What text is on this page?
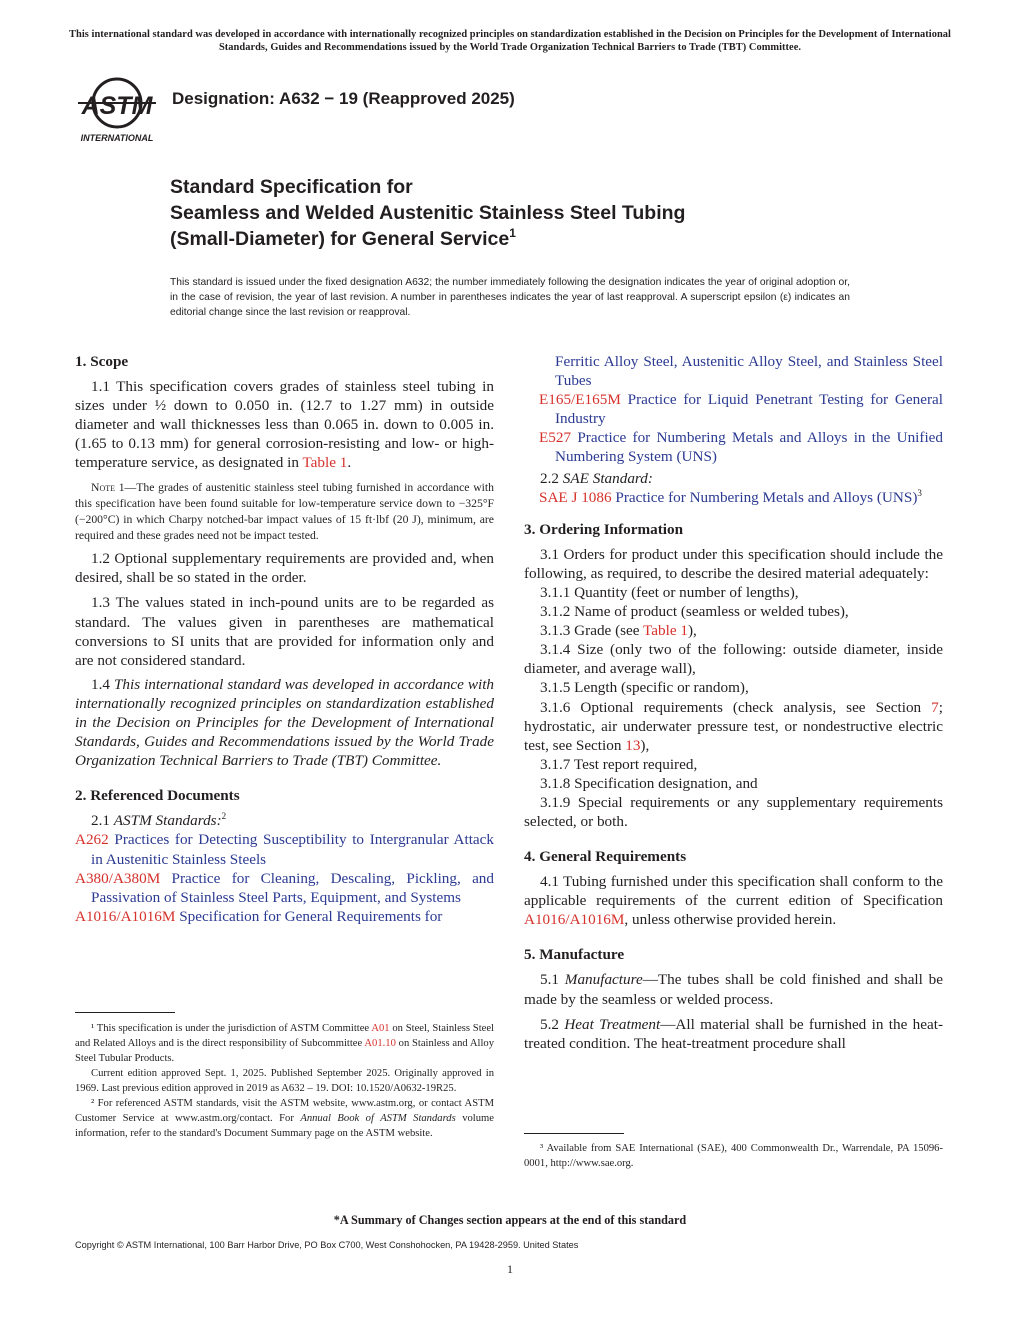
This international standard was developed in accordance with internationally recognized principles on standardization established in the Decision on Principles for the Development of International Standards, Guides and Recommendations issued by the World Trade Organization Technical Barriers to Trade (TBT) Committee.
ASTM
INTERNATIONAL
Designation: A632 − 19 (Reapproved 2025)
Standard Specification for
Seamless and Welded Austenitic Stainless Steel Tubing
(Small-Diameter) for General Service$^1$
This standard is issued under the fixed designation A632; the number immediately following the designation indicates the year of original adoption or, in the case of revision, the year of last revision. A number in parentheses indicates the year of last reapproval. A superscript epsilon (ε) indicates an editorial change since the last revision or reapproval.
1. Scope

1.1 This specification covers grades of stainless steel tubing in sizes under ½ down to 0.050 in. (12.7 to 1.27 mm) in outside diameter and wall thicknesses less than 0.065 in. down to 0.005 in. (1.65 to 0.13 mm) for general corrosion-resisting and low- or high-temperature service, as designated in Table 1.

Note 1—The grades of austenitic stainless steel tubing furnished in accordance with this specification have been found suitable for low-temperature service down to −325°F (−200°C) in which Charpy notched-bar impact values of 15 ft·lbf (20 J), minimum, are required and these grades need not be impact tested.

1.2 Optional supplementary requirements are provided and, when desired, shall be so stated in the order.

1.3 The values stated in inch-pound units are to be regarded as standard. The values given in parentheses are mathematical conversions to SI units that are provided for information only and are not considered standard.

1.4 This international standard was developed in accordance with internationally recognized principles on standardization established in the Decision on Principles for the Development of International Standards, Guides and Recommendations issued by the World Trade Organization Technical Barriers to Trade (TBT) Committee.

2. Referenced Documents

2.1 ASTM Standards:$^2$

A262 Practices for Detecting Susceptibility to Intergranular Attack in Austenitic Stainless Steels

A380/A380M Practice for Cleaning, Descaling, Pickling, and Passivation of Stainless Steel Parts, Equipment, and Systems

A1016/A1016M Specification for General Requirements for

¹ This specification is under the jurisdiction of ASTM Committee A01 on Steel, Stainless Steel and Related Alloys and is the direct responsibility of Subcommittee A01.10 on Stainless and Alloy Steel Tubular Products.

Current edition approved Sept. 1, 2025. Published September 2025. Originally approved in 1969. Last previous edition approved in 2019 as A632 – 19. DOI: 10.1520/A0632-19R25.

² For referenced ASTM standards, visit the ASTM website, www.astm.org, or contact ASTM Customer Service at www.astm.org/contact. For Annual Book of ASTM Standards volume information, refer to the standard's Document Summary page on the ASTM website.

Ferritic Alloy Steel, Austenitic Alloy Steel, and Stainless Steel Tubes

E165/E165M Practice for Liquid Penetrant Testing for General Industry

E527 Practice for Numbering Metals and Alloys in the Unified Numbering System (UNS)

2.2 SAE Standard:

SAE J 1086 Practice for Numbering Metals and Alloys (UNS)$^3$

3. Ordering Information

3.1 Orders for product under this specification should include the following, as required, to describe the desired material adequately:

3.1.1 Quantity (feet or number of lengths),

3.1.2 Name of product (seamless or welded tubes),

3.1.3 Grade (see Table 1),

3.1.4 Size (only two of the following: outside diameter, inside diameter, and average wall),

3.1.5 Length (specific or random),

3.1.6 Optional requirements (check analysis, see Section 7; hydrostatic, air underwater pressure test, or nondestructive electric test, see Section 13),

3.1.7 Test report required,

3.1.8 Specification designation, and

3.1.9 Special requirements or any supplementary requirements selected, or both.

4. General Requirements

4.1 Tubing furnished under this specification shall conform to the applicable requirements of the current edition of Specification A1016/A1016M, unless otherwise provided herein.

5. Manufacture

5.1 Manufacture—The tubes shall be cold finished and shall be made by the seamless or welded process.

5.2 Heat Treatment—All material shall be furnished in the heat-treated condition. The heat-treatment procedure shall

³ Available from SAE International (SAE), 400 Commonwealth Dr., Warrendale, PA 15096-0001, http://www.sae.org.
*A Summary of Changes section appears at the end of this standard
Copyright © ASTM International, 100 Barr Harbor Drive, PO Box C700, West Conshohocken, PA 19428-2959. United States
1
